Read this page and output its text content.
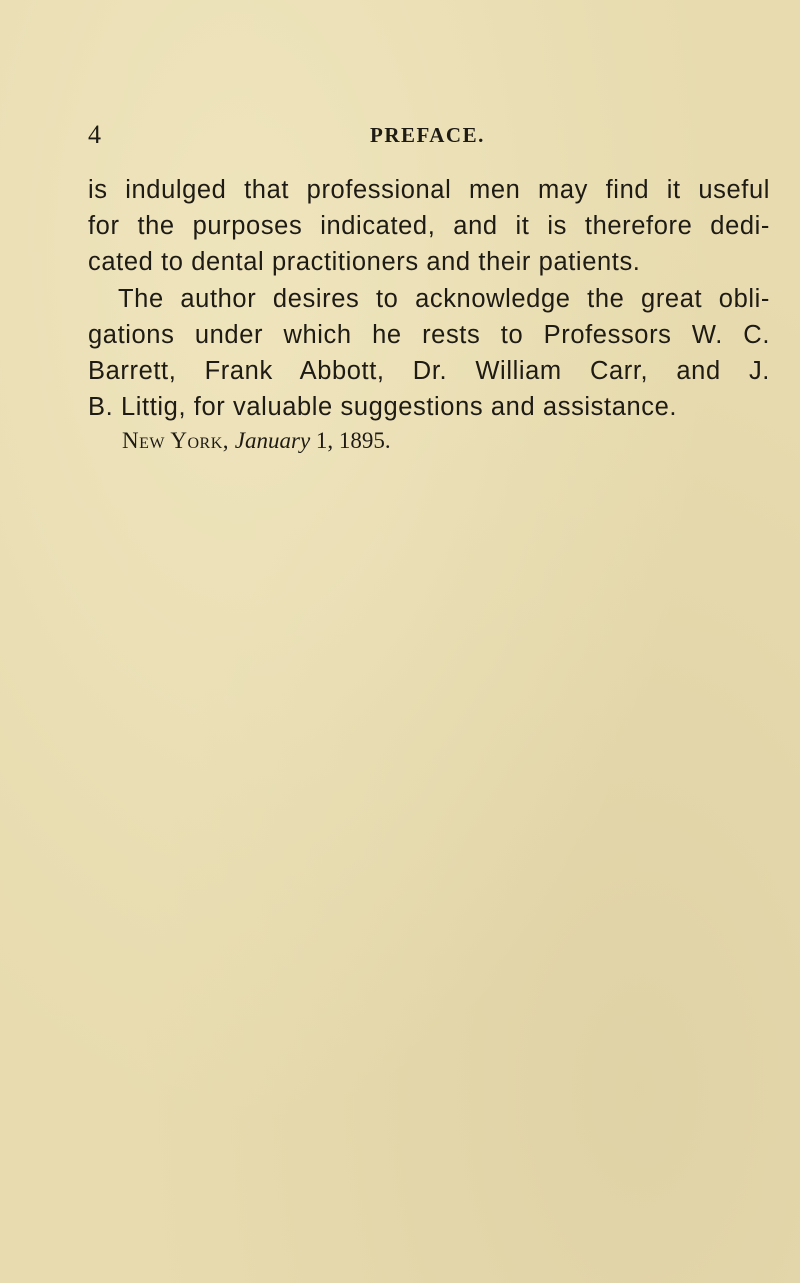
4	PREFACE.
is indulged that professional men may find it useful
for the purposes indicated, and it is therefore dedi-
cated to dental practitioners and their patients.
The author desires to acknowledge the great obli-
gations under which he rests to Professors W. C.
Barrett, Frank Abbott, Dr. William Carr, and J.
B. Littig, for valuable suggestions and assistance.
New York, January 1, 1895.
